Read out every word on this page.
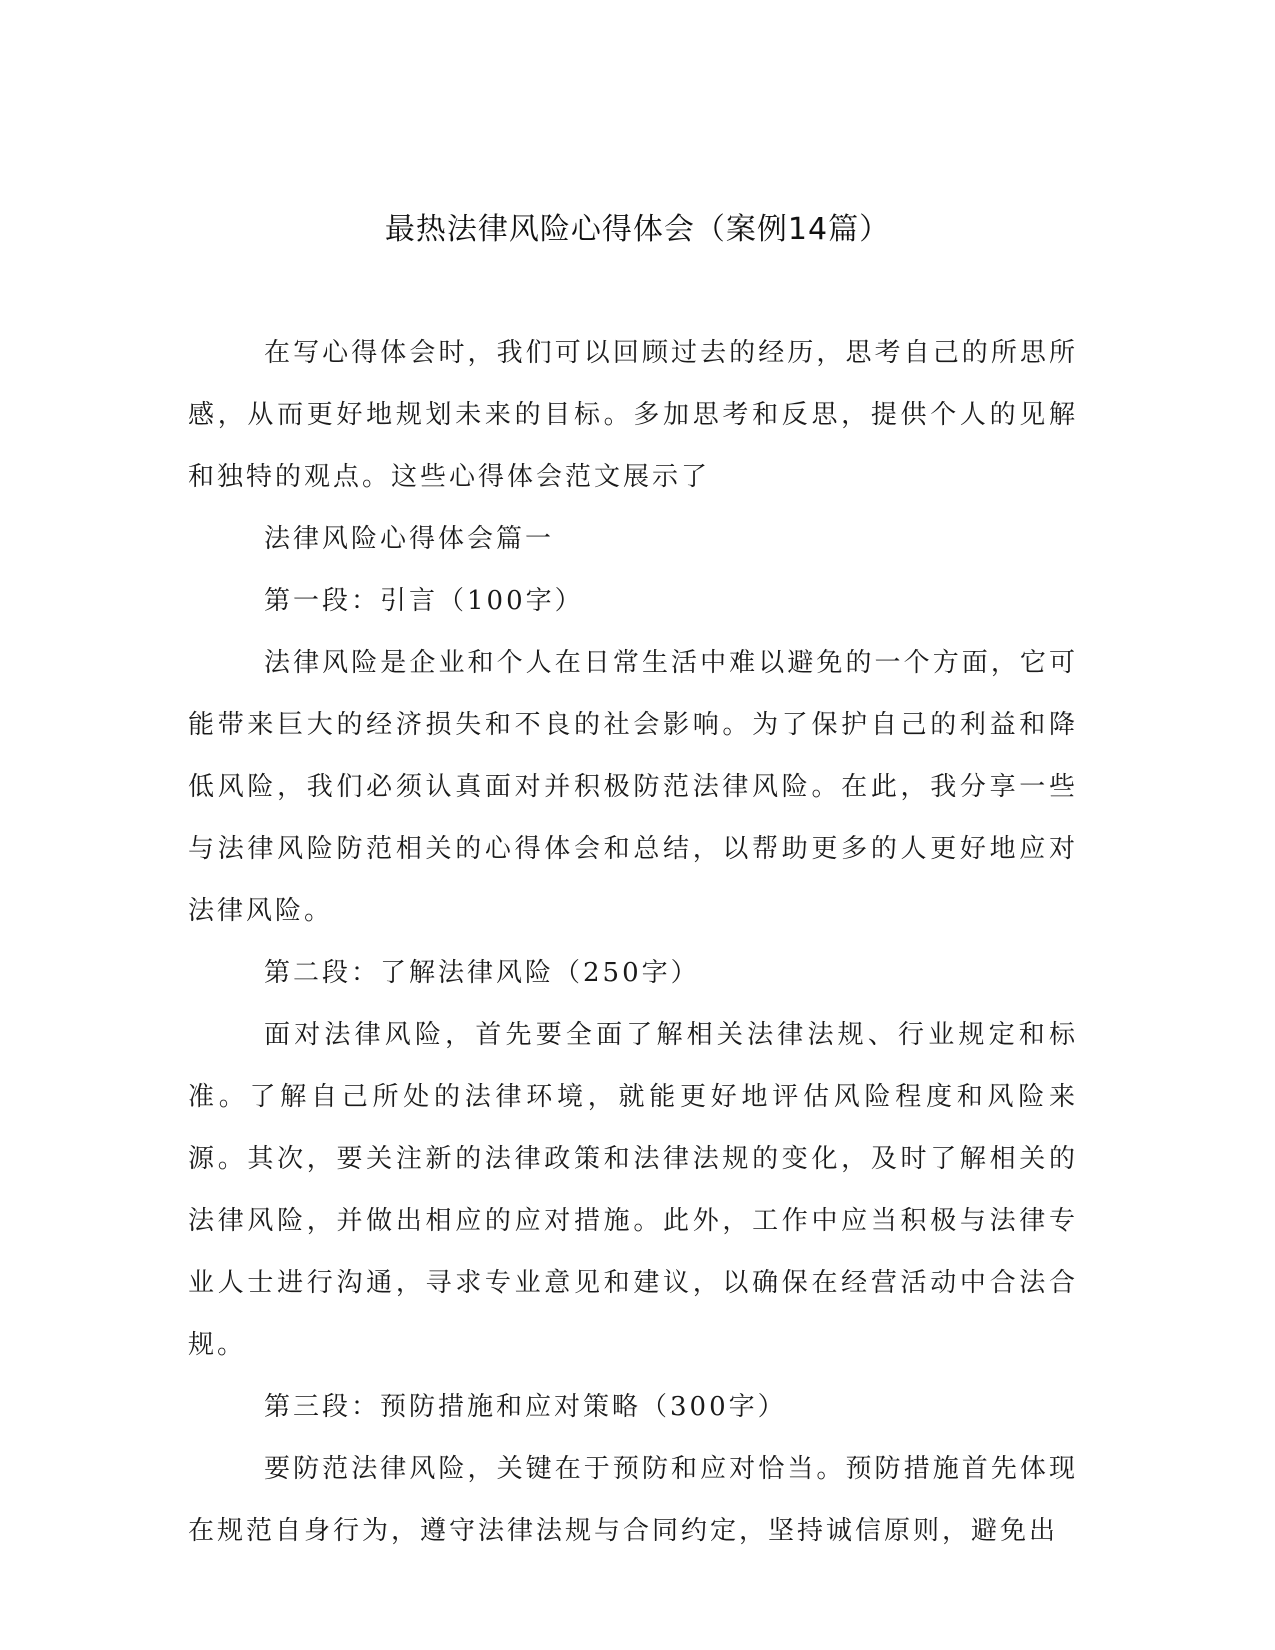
最热法律风险心得体会（案例14篇）

在写心得体会时，我们可以回顾过去的经历，思考自己的所思所感，从而更好地规划未来的目标。多加思考和反思，提供个人的见解和独特的观点。这些心得体会范文展示了

法律风险心得体会篇一

第一段：引言（100字）

法律风险是企业和个人在日常生活中难以避免的一个方面，它可能带来巨大的经济损失和不良的社会影响。为了保护自己的利益和降低风险，我们必须认真面对并积极防范法律风险。在此，我分享一些与法律风险防范相关的心得体会和总结，以帮助更多的人更好地应对法律风险。

第二段：了解法律风险（250字）

面对法律风险，首先要全面了解相关法律法规、行业规定和标准。了解自己所处的法律环境，就能更好地评估风险程度和风险来源。其次，要关注新的法律政策和法律法规的变化，及时了解相关的法律风险，并做出相应的应对措施。此外，工作中应当积极与法律专业人士进行沟通，寻求专业意见和建议，以确保在经营活动中合法合规。

第三段：预防措施和应对策略（300字）

要防范法律风险，关键在于预防和应对恰当。预防措施首先体现在规范自身行为，遵守法律法规与合同约定，坚持诚信原则，避免出
